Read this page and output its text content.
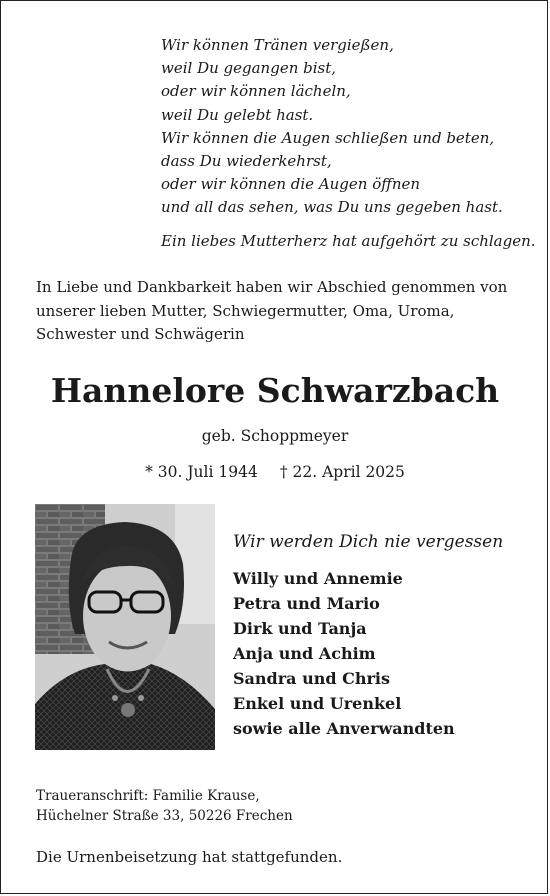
Wir können Tränen vergießen,
weil Du gegangen bist,
oder wir können lächeln,
weil Du gelebt hast.
Wir können die Augen schließen und beten,
dass Du wiederkehrst,
oder wir können die Augen öffnen
und all das sehen, was Du uns gegeben hast.
Ein liebes Mutterherz hat aufgehört zu schlagen.
In Liebe und Dankbarkeit haben wir Abschied genommen von unserer lieben Mutter, Schwiegermutter, Oma, Uroma, Schwester und Schwägerin
Hannelore Schwarzbach
geb. Schoppmeyer
* 30. Juli 1944 † 22. April 2025
Wir werden Dich nie vergessen
Willy und Annemie
Petra und Mario
Dirk und Tanja
Anja und Achim
Sandra und Chris
Enkel und Urenkel
sowie alle Anverwandten
Traueranschrift: Familie Krause,
Hüchelner Straße 33, 50226 Frechen
Die Urnenbeisetzung hat stattgefunden.
